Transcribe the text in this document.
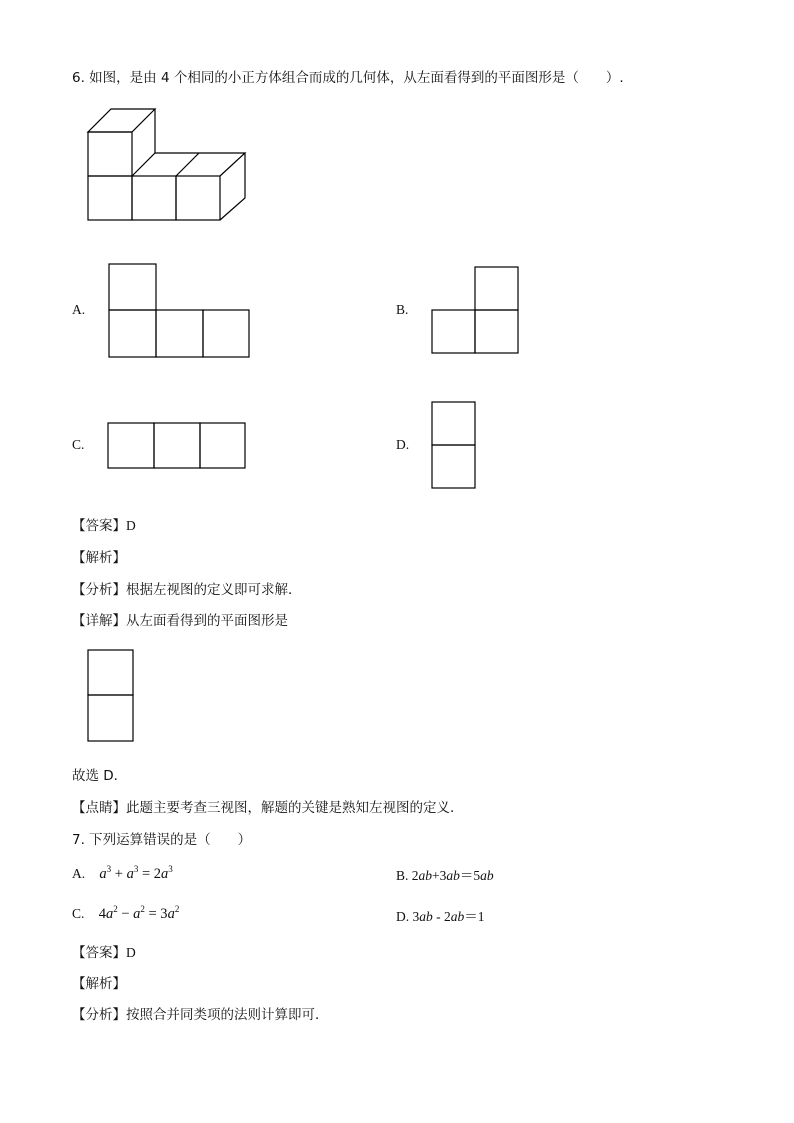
6. 如图，是由 4 个相同的小正方体组合而成的几何体，从左面看得到的平面图形是（　　）.
A.	B.
C.	D.
【答案】D
【解析】
【分析】根据左视图的定义即可求解．
【详解】从左面看得到的平面图形是
故选 D．
【点睛】此题主要考查三视图，解题的关键是熟知左视图的定义．
7. 下列运算错误的是（　　）
A. $a^3 + a^3 = 2a^3$	B. 2ab+3ab＝5ab
C. $4a^2 - a^2 = 3a^2$	D. 3ab - 2ab＝1
【答案】D
【解析】
【分析】按照合并同类项的法则计算即可．
